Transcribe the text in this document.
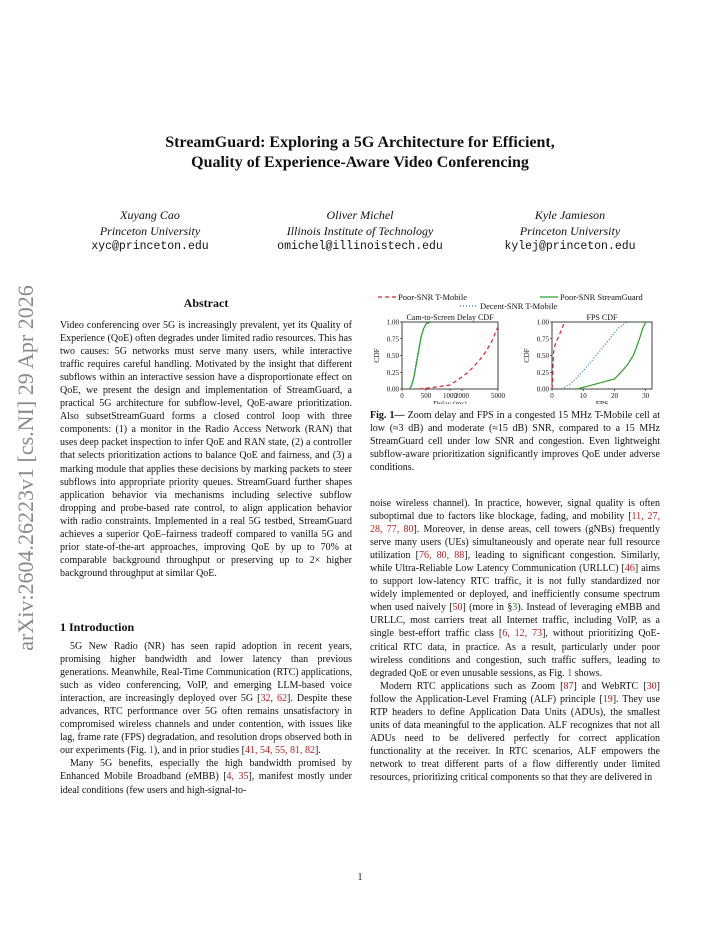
arXiv:2604.26223v1 [cs.NI] 29 Apr 2026
StreamGuard: Exploring a 5G Architecture for Efficient,
Quality of Experience-Aware Video Conferencing
Xuyang Cao
Princeton University
xyc@princeton.edu
Oliver Michel
Illinois Institute of Technology
omichel@illinoistech.edu
Kyle Jamieson
Princeton University
kylej@princeton.edu
Abstract
Video conferencing over 5G is increasingly prevalent, yet its Quality of Experience (QoE) often degrades under limited radio resources. This has two causes: 5G networks must serve many users, while interactive traffic requires careful handling. Motivated by the insight that different subflows within an interactive session have a disproportionate effect on QoE, we present the design and implementation of StreamGuard, a practical 5G architecture for subflow-level, QoE-aware prioritization. Also subsetStreamGuard forms a closed control loop with three components: (1) a monitor in the Radio Access Network (RAN) that uses deep packet inspection to infer QoE and RAN state, (2) a controller that selects prioritization actions to balance QoE and fairness, and (3) a marking module that applies these decisions by marking packets to steer subflows into appropriate priority queues. StreamGuard further shapes application behavior via mechanisms including selective subflow dropping and probe-based rate control, to align application behavior with radio constraints. Implemented in a real 5G testbed, StreamGuard achieves a superior QoE–fairness tradeoff compared to vanilla 5G and prior state-of-the-art approaches, improving QoE by up to 70% at comparable background throughput or preserving up to 2× higher background throughput at similar QoE.
1 Introduction

5G New Radio (NR) has seen rapid adoption in recent years, promising higher bandwidth and lower latency than previous generations. Meanwhile, Real-Time Communication (RTC) applications, such as video conferencing, VoIP, and emerging LLM-based voice interaction, are increasingly deployed over 5G [32, 62]. Despite these advances, RTC performance over 5G often remains unsatisfactory in compromised wireless channels and under contention, with issues like lag, frame rate (FPS) degradation, and resolution drops observed both in our experiments (Fig. 1), and in prior studies [41, 54, 55, 81, 82].

Many 5G benefits, especially the high bandwidth promised by Enhanced Mobile Broadband (eMBB) [4, 35], manifest mostly under ideal conditions (few users and high-signal-to-

Poor-SNR T-Mobile	Poor-SNR StreamGuard
Decent-SNR T-Mobile
Cam-to-Screen Delay CDF
0.00
0.25
0.50
0.75
1.00
0 500 1000
2000	5000
Delay (ms)
CDF
FPS CDF
0.00
0.25
0.50
0.75
1.00
0	10	20	30
FPS
CDF
Fig. 1— Zoom delay and FPS in a congested 15 MHz T-Mobile cell at low (≈3 dB) and moderate (≈15 dB) SNR, compared to a 15 MHz StreamGuard cell under low SNR and congestion. Even lightweight subflow-aware prioritization significantly improves QoE under adverse conditions.

noise wireless channel). In practice, however, signal quality is often suboptimal due to factors like blockage, fading, and mobility [11, 27, 28, 77, 80]. Moreover, in dense areas, cell towers (gNBs) frequently serve many users (UEs) simultaneously and operate near full resource utilization [76, 80, 88], leading to significant congestion. Similarly, while Ultra-Reliable Low Latency Communication (URLLC) [46] aims to support low-latency RTC traffic, it is not fully standardized nor widely implemented or deployed, and inefficiently consume spectrum when used naively [50] (more in §3). Instead of leveraging eMBB and URLLC, most carriers treat all Internet traffic, including VoIP, as a single best-effort traffic class [6, 12, 73], without prioritizing QoE-critical RTC data, in practice. As a result, particularly under poor wireless conditions and congestion, such traffic suffers, leading to degraded QoE or even unusable sessions, as Fig. 1 shows.

Modern RTC applications such as Zoom [87] and WebRTC [30] follow the Application-Level Framing (ALF) principle [19]. They use RTP headers to define Application Data Units (ADUs), the smallest units of data meaningful to the application. ALF recognizes that not all ADUs need to be delivered perfectly for correct application functionality at the receiver. In RTC scenarios, ALF empowers the network to treat different parts of a flow differently under limited resources, prioritizing critical components so that they are delivered in

1
